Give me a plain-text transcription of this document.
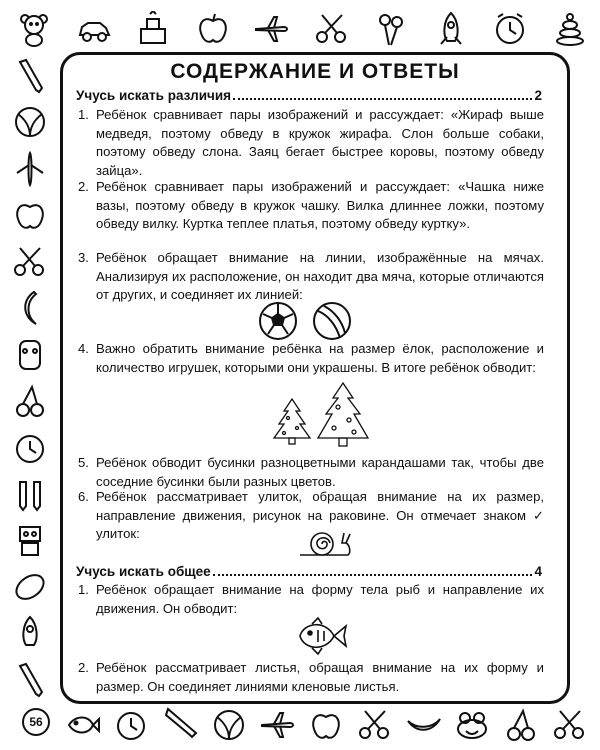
СОДЕРЖАНИЕ И ОТВЕТЫ
Учусь искать различия	2
1. Ребёнок сравнивает пары изображений и рассуждает: «Жираф выше медведя, поэтому обведу в кружок жирафа. Слон больше собаки, поэтому обведу слона. Заяц бегает быстрее коровы, поэтому обведу зайца».
2. Ребёнок сравнивает пары изображений и рассуждает: «Чашка ниже вазы, поэтому обведу в кружок чашку. Вилка длиннее ложки, поэтому обведу вилку. Куртка теплее платья, поэтому обведу куртку».
3. Ребёнок обращает внимание на линии, изображённые на мячах. Анализируя их расположение, он находит два мяча, которые отличаются от других, и соединяет их линией:
4. Важно обратить внимание ребёнка на размер ёлок, расположение и количество игрушек, которыми они украшены. В итоге ребёнок обводит:
5. Ребёнок обводит бусинки разноцветными карандашами так, чтобы две соседние бусинки были разных цветов.
6. Ребёнок рассматривает улиток, обращая внимание на их размер, направление движения, рисунок на раковине. Он отмечает знаком ✓ улиток:
Учусь искать общее	4
1. Ребёнок обращает внимание на форму тела рыб и направление их движения. Он обводит:
2. Ребёнок рассматривает листья, обращая внимание на их форму и размер. Он соединяет линиями кленовые листья.
56
